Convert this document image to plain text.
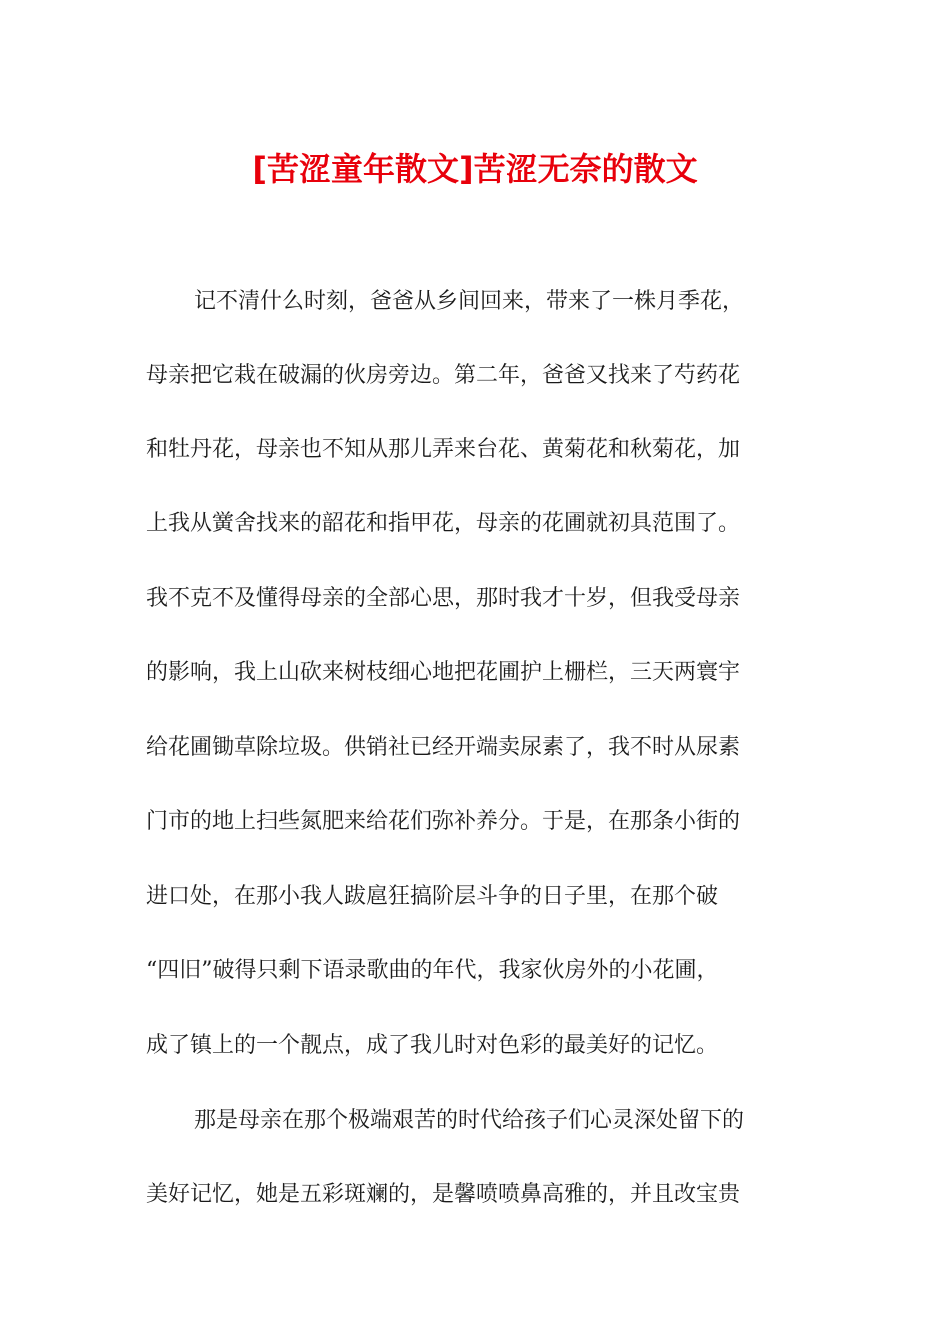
[苦涩童年散文]苦涩无奈的散文
记不清什么时刻，爸爸从乡间回来，带来了一株月季花，
母亲把它栽在破漏的伙房旁边。第二年，爸爸又找来了芍药花
和牡丹花，母亲也不知从那儿弄来台花、黄菊花和秋菊花，加
上我从黉舍找来的韶花和指甲花，母亲的花圃就初具范围了。
我不克不及懂得母亲的全部心思，那时我才十岁，但我受母亲
的影响，我上山砍来树枝细心地把花圃护上栅栏，三天两寰宇
给花圃锄草除垃圾。供销社已经开端卖尿素了，我不时从尿素
门市的地上扫些氮肥来给花们弥补养分。于是，在那条小街的
进口处，在那小我人跋扈狂搞阶层斗争的日子里，在那个破
“四旧”破得只剩下语录歌曲的年代，我家伙房外的小花圃，
成了镇上的一个靓点，成了我儿时对色彩的最美好的记忆。
那是母亲在那个极端艰苦的时代给孩子们心灵深处留下的
美好记忆，她是五彩斑斓的，是馨喷喷鼻高雅的，并且改宝贵
